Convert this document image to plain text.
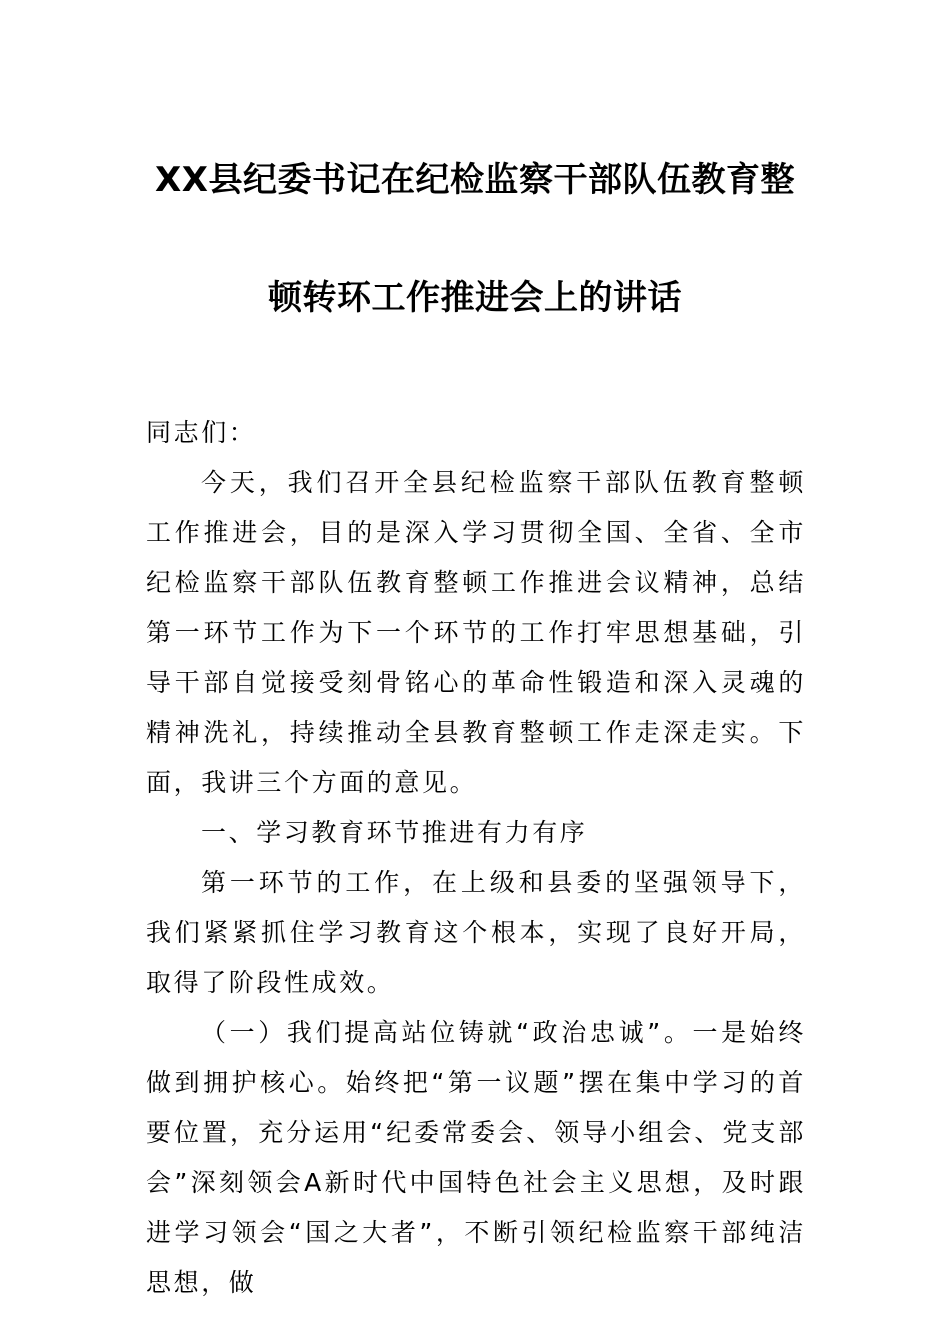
XX县纪委书记在纪检监察干部队伍教育整
顿转环工作推进会上的讲话

同志们：

今天，我们召开全县纪检监察干部队伍教育整顿工作推进会，目的是深入学习贯彻全国、全省、全市纪检监察干部队伍教育整顿工作推进会议精神，总结第一环节工作为下一个环节的工作打牢思想基础，引导干部自觉接受刻骨铭心的革命性锻造和深入灵魂的精神洗礼，持续推动全县教育整顿工作走深走实。下面，我讲三个方面的意见。

一、学习教育环节推进有力有序

第一环节的工作，在上级和县委的坚强领导下，我们紧紧抓住学习教育这个根本，实现了良好开局，取得了阶段性成效。

（一）我们提高站位铸就“政治忠诚”。一是始终做到拥护核心。始终把“第一议题”摆在集中学习的首要位置，充分运用“纪委常委会、领导小组会、党支部会”深刻领会A新时代中国特色社会主义思想，及时跟进学习领会“国之大者”，不断引领纪检监察干部纯洁思想，做
